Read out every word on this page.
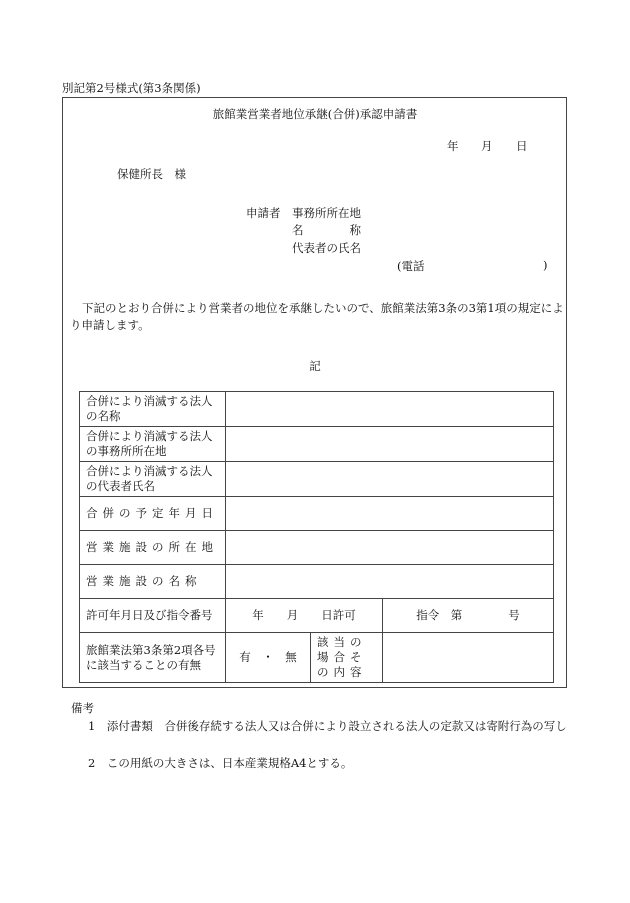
別記第2号様式(第3条関係)
旅館業営業者地位承継(合併)承認申請書
年 月 日
保健所長　様
申請者 事務所所在地
名　　　　称
代表者の氏名
(電話	)
下記のとおり合併により営業者の地位を承継したいので、旅館業法第3条の3第1項の規定により申請します。
記
合併により消滅する法人の名称			
合併により消滅する法人の事務所所在地			
合併により消滅する法人の代表者氏名			
合併の予定年月日			
営業施設の所在地			
営業施設の名称			
許可年月日及び指令番号	年　　月　　日許可		指令　第　　　　号
旅館業法第3条第2項各号に該当することの有無	有　・　無	該当の場合その内容	
備考
1　添付書類　合併後存続する法人又は合併により設立される法人の定款又は寄附行為の写し
2　この用紙の大きさは、日本産業規格A4とする。
